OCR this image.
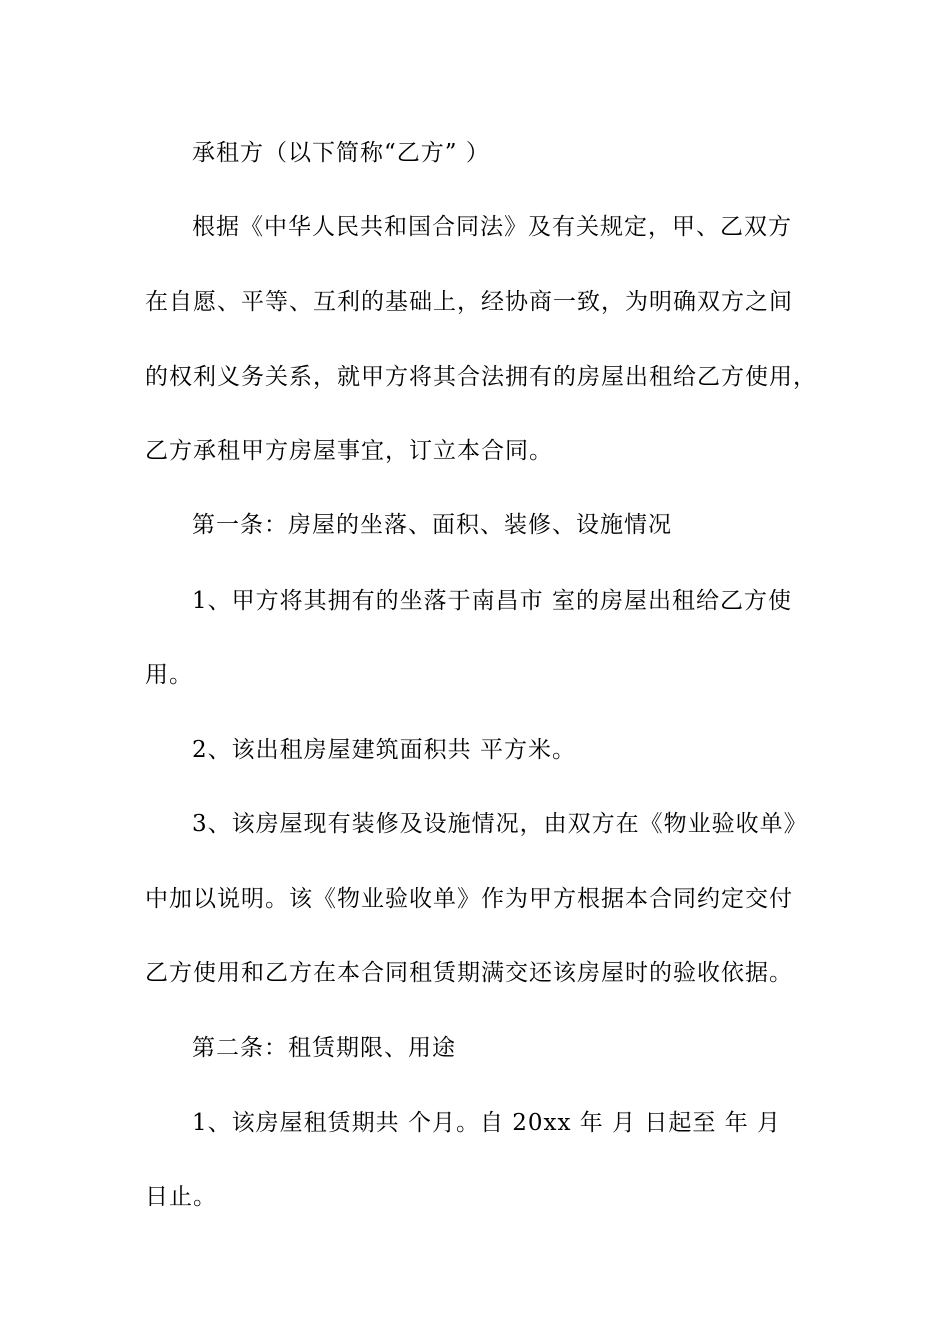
承租方（以下简称“乙方” ）
根据《中华人民共和国合同法》及有关规定，甲、乙双方
在自愿、平等、互利的基础上，经协商一致，为明确双方之间
的权利义务关系，就甲方将其合法拥有的房屋出租给乙方使用，
乙方承租甲方房屋事宜，订立本合同。
第一条：房屋的坐落、面积、装修、设施情况
1、甲方将其拥有的坐落于南昌市 室的房屋出租给乙方使
用。
2、该出租房屋建筑面积共 平方米。
3、该房屋现有装修及设施情况，由双方在《物业验收单》
中加以说明。该《物业验收单》作为甲方根据本合同约定交付
乙方使用和乙方在本合同租赁期满交还该房屋时的验收依据。
第二条：租赁期限、用途
1、该房屋租赁期共 个月。自 20xx 年 月 日起至 年 月
日止。
